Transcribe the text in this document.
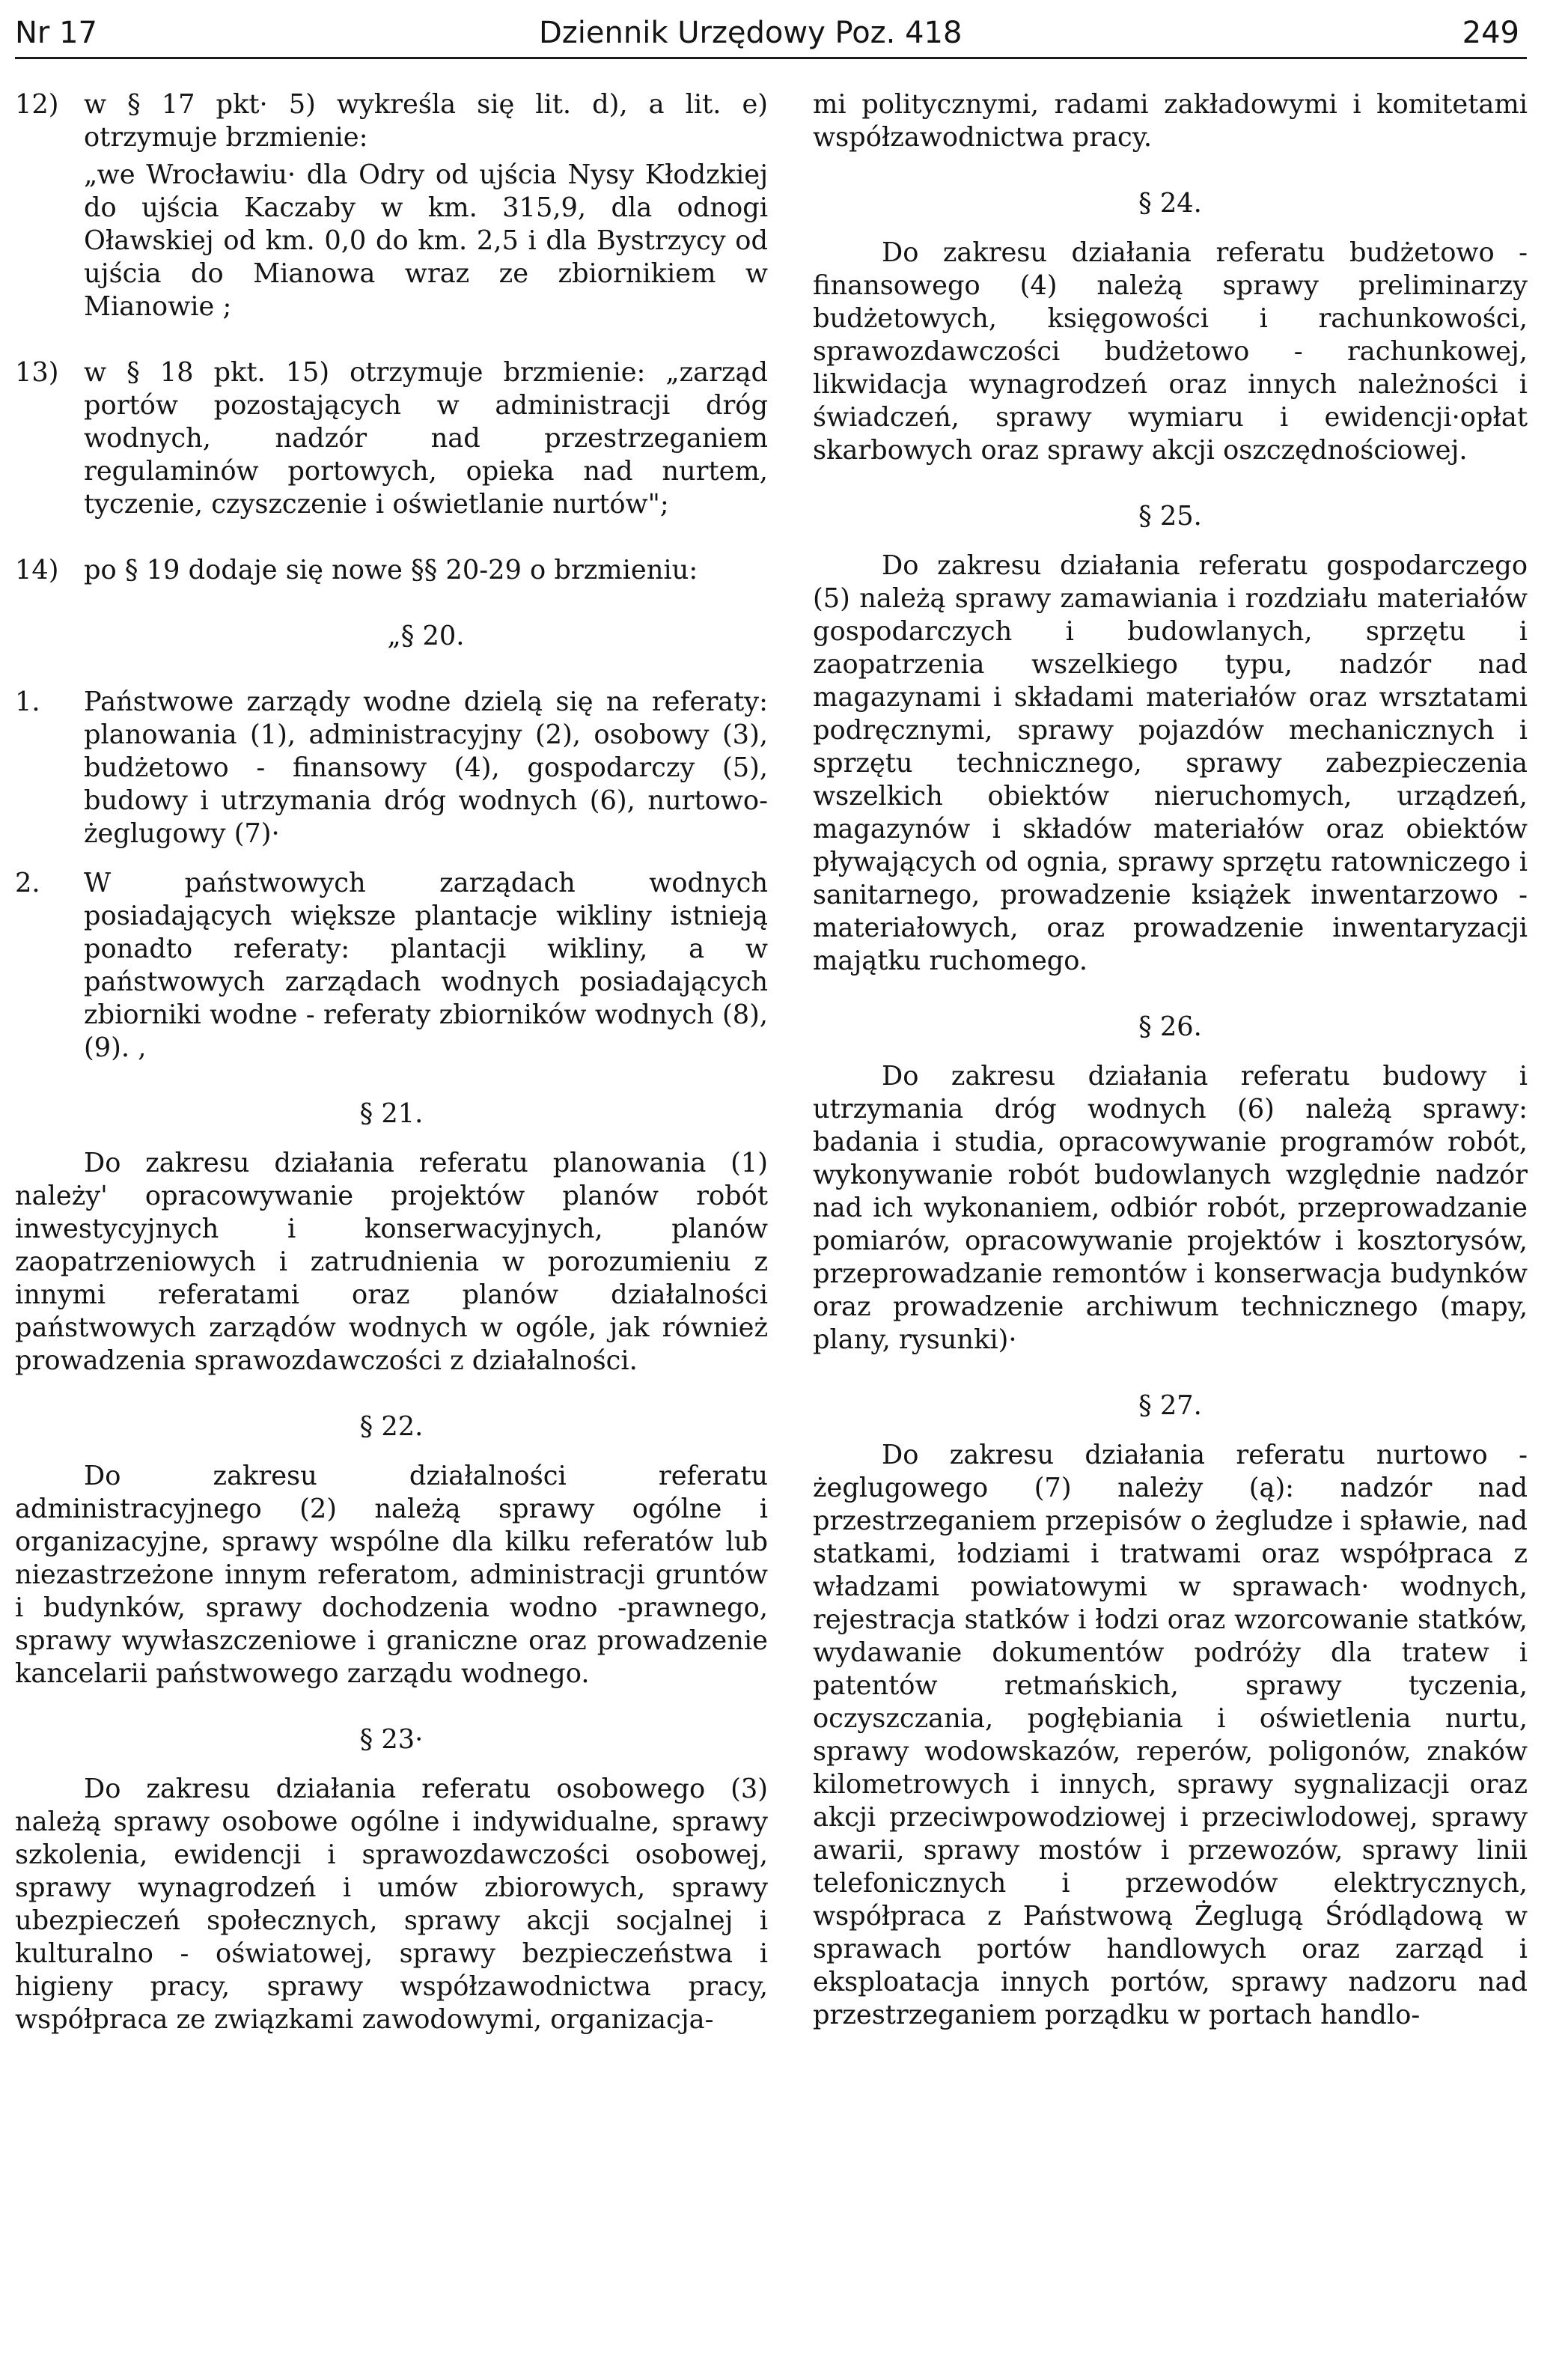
Nr 17	Dziennik Urzędowy Poz. 418	249
12) w § 17 pkt· 5) wykreśla się lit. d), a lit. e) otrzymuje brzmienie:

„we Wrocławiu· dla Odry od ujścia Nysy Kłodzkiej do ujścia Kaczaby w km. 315,9, dla odnogi Oławskiej od km. 0,0 do km. 2,5 i dla Bystrzycy od ujścia do Mianowa wraz ze zbiornikiem w Mianowie ;

13) w § 18 pkt. 15) otrzymuje brzmienie: „zarząd portów pozostających w administracji dróg wodnych, nadzór nad przestrzeganiem regulaminów portowych, opieka nad nurtem, tyczenie, czyszczenie i oświetlanie nurtów";
14) po § 19 dodaje się nowe §§ 20-29 o brzmieniu:

„§ 20.

1.	Państwowe zarządy wodne dzielą się na referaty: planowania (1), administracyjny (2), osobowy (3), budżetowo - finansowy (4), gospodarczy (5), budowy i utrzymania dróg wodnych (6), nurtowo-żeglugowy (7)·
2.	W państwowych zarządach wodnych posiadających większe plantacje wikliny istnieją ponadto referaty: plantacji wikliny, a w państwowych zarządach wodnych posiadających zbiorniki wodne - referaty zbiorników wodnych (8), (9). ,

§ 21.

Do zakresu działania referatu planowania (1) należy' opracowywanie projektów planów robót inwestycyjnych i konserwacyjnych, planów zaopatrzeniowych i zatrudnienia w porozumieniu z innymi referatami oraz planów działalności państwowych zarządów wodnych w ogóle, jak również prowadzenia sprawozdawczości z działalności.

§ 22.

Do zakresu działalności referatu administracyjnego (2) należą sprawy ogólne i organizacyjne, sprawy wspólne dla kilku referatów lub niezastrzeżone innym referatom, administracji gruntów i budynków, sprawy dochodzenia wodno -prawnego, sprawy wywłaszczeniowe i graniczne oraz prowadzenie kancelarii państwowego zarządu wodnego.

§ 23·

Do zakresu działania referatu osobowego (3) należą sprawy osobowe ogólne i indywidualne, sprawy szkolenia, ewidencji i sprawozdawczości osobowej, sprawy wynagrodzeń i umów zbiorowych, sprawy ubezpieczeń społecznych, sprawy akcji socjalnej i kulturalno - oświatowej, sprawy bezpieczeństwa i higieny pracy, sprawy współzawodnictwa pracy, współpraca ze związkami zawodowymi, organizacja-

mi politycznymi, radami zakładowymi i komitetami współzawodnictwa pracy.

§ 24.

Do zakresu działania referatu budżetowo - finansowego (4) należą sprawy preliminarzy budżetowych, księgowości i rachunkowości, sprawozdawczości budżetowo - rachunkowej, likwidacja wynagrodzeń oraz innych należności i świadczeń, sprawy wymiaru i ewidencji·opłat skarbowych oraz sprawy akcji oszczędnościowej.

§ 25.

Do zakresu działania referatu gospodarczego (5) należą sprawy zamawiania i rozdziału materiałów gospodarczych i budowlanych, sprzętu i zaopatrzenia wszelkiego typu, nadzór nad magazynami i składami materiałów oraz wrsztatami podręcznymi, sprawy pojazdów mechanicznych i sprzętu technicznego, sprawy zabezpieczenia wszelkich obiektów nieruchomych, urządzeń, magazynów i składów materiałów oraz obiektów pływających od ognia, sprawy sprzętu ratowniczego i sanitarnego, prowadzenie książek inwentarzowo - materiałowych, oraz prowadzenie inwentaryzacji majątku ruchomego.

§ 26.

Do zakresu działania referatu budowy i utrzymania dróg wodnych (6) należą sprawy: badania i studia, opracowywanie programów robót, wykonywanie robót budowlanych względnie nadzór nad ich wykonaniem, odbiór robót, przeprowadzanie pomiarów, opracowywanie projektów i kosztorysów, przeprowadzanie remontów i konserwacja budynków oraz prowadzenie archiwum technicznego (mapy, plany, rysunki)·

§ 27.

Do zakresu działania referatu nurtowo - żeglugowego (7) należy (ą): nadzór nad przestrzeganiem przepisów o żegludze i spławie, nad statkami, łodziami i tratwami oraz współpraca z władzami powiatowymi w sprawach· wodnych, rejestracja statków i łodzi oraz wzorcowanie statków, wydawanie dokumentów podróży dla tratew i patentów retmańskich, sprawy tyczenia, oczyszczania, pogłębiania i oświetlenia nurtu, sprawy wodowskazów, reperów, poligonów, znaków kilometrowych i innych, sprawy sygnalizacji oraz akcji przeciwpowodziowej i przeciwlodowej, sprawy awarii, sprawy mostów i przewozów, sprawy linii telefonicznych i przewodów elektrycznych, współpraca z Państwową Żeglugą Śródlądową w sprawach portów handlowych oraz zarząd i eksploatacja innych portów, sprawy nadzoru nad przestrzeganiem porządku w portach handlo-
